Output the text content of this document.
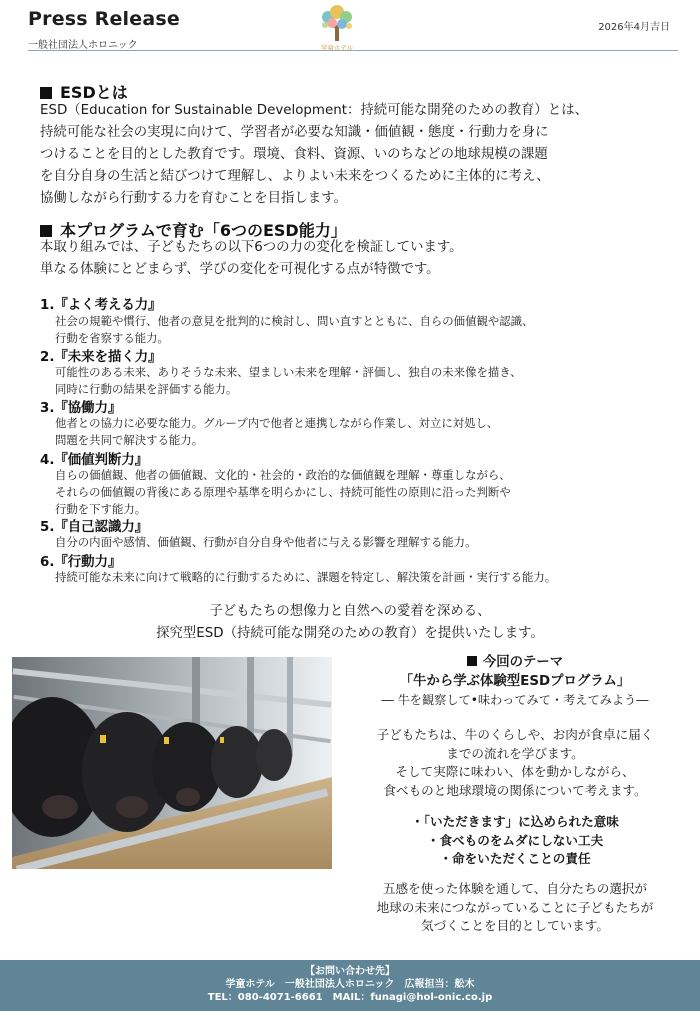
Press Release
一般社団法人ホロニック	学童ホテル
2026年4月吉日
ESDとは
ESD（Education for Sustainable Development：持続可能な開発のための教育）とは、
持続可能な社会の実現に向けて、学習者が必要な知識・価値観・態度・行動力を身に
つけることを目的とした教育です。環境、食料、資源、いのちなどの地球規模の課題
を自分自身の生活と結びつけて理解し、よりよい未来をつくるために主体的に考え、
協働しながら行動する力を育むことを目指します。
本プログラムで育む「6つのESD能力」
本取り組みでは、子どもたちの以下6つの力の変化を検証しています。
単なる体験にとどまらず、学びの変化を可視化する点が特徴です。
1.『よく考える力』
社会の規範や慣行、他者の意見を批判的に検討し、問い直すとともに、自らの価値観や認識、
行動を省察する能力。
2.『未来を描く力』
可能性のある未来、ありそうな未来、望ましい未来を理解・評価し、独自の未来像を描き、
同時に行動の結果を評価する能力。
3.『協働力』
他者との協力に必要な能力。グループ内で他者と連携しながら作業し、対立に対処し、
問題を共同で解決する能力。
4.『価値判断力』
自らの価値観、他者の価値観、文化的・社会的・政治的な価値観を理解・尊重しながら、
それらの価値観の背後にある原理や基準を明らかにし、持続可能性の原則に沿った判断や
行動を下す能力。
5.『自己認識力』
自分の内面や感情、価値観、行動が自分自身や他者に与える影響を理解する能力。
6.『行動力』
持続可能な未来に向けて戦略的に行動するために、課題を特定し、解決策を計画・実行する能力。
子どもたちの想像力と自然への愛着を深める、
探究型ESD（持続可能な開発のための教育）を提供いたします。
今回のテーマ
「牛から学ぶ体験型ESDプログラム」
― 牛を観察して•味わってみて・考えてみよう―
子どもたちは、牛のくらしや、お肉が食卓に届く
までの流れを学びます。
そして実際に味わい、体を動かしながら、
食べものと地球環境の関係について考えます。
・「いただきます」に込められた意味
・食べものをムダにしない工夫
・命をいただくことの責任
五感を使った体験を通して、自分たちの選択が
地球の未来につながっていることに子どもたちが
気づくことを目的としています。
【お問い合わせ先】
学童ホテル　一般社団法人ホロニック　広報担当：舩木
TEL：080-4071-6661　MAIL：funagi@hol-onic.co.jp
